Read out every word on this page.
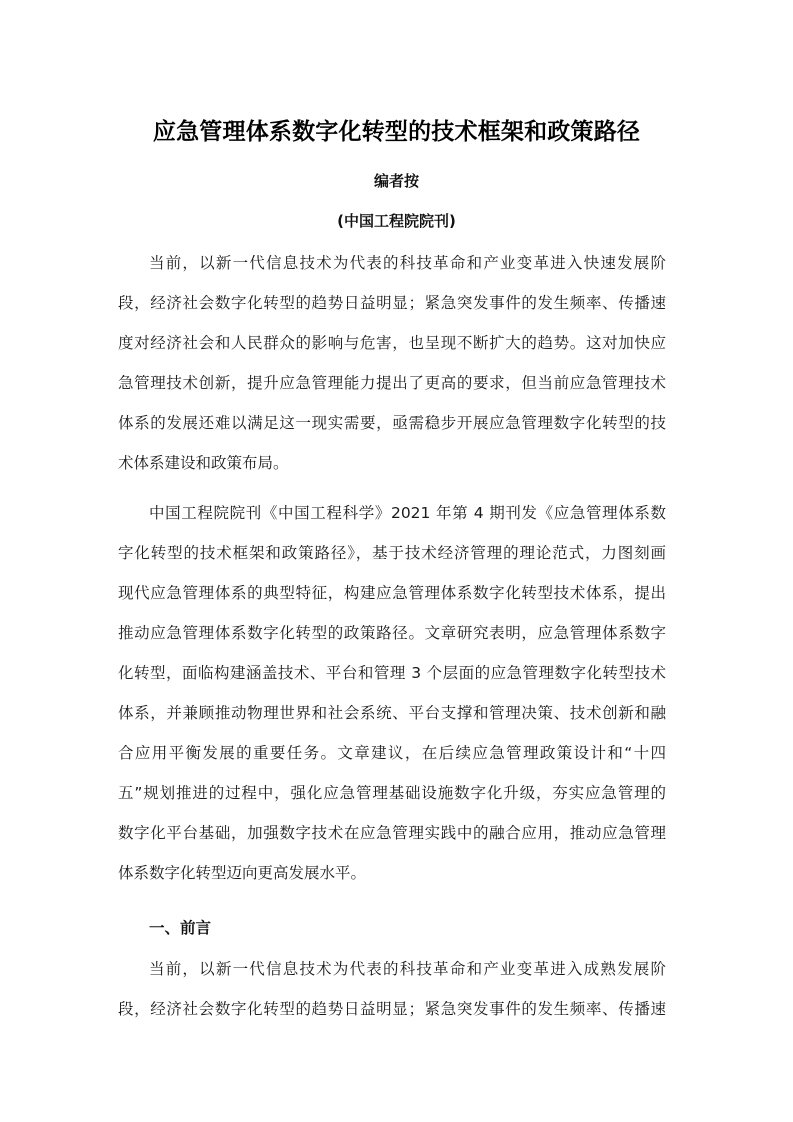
应急管理体系数字化转型的技术框架和政策路径
编者按
(中国工程院院刊)
当前，以新一代信息技术为代表的科技革命和产业变革进入快速发展阶
段，经济社会数字化转型的趋势日益明显；紧急突发事件的发生频率、传播速
度对经济社会和人民群众的影响与危害，也呈现不断扩大的趋势。这对加快应
急管理技术创新，提升应急管理能力提出了更高的要求，但当前应急管理技术
体系的发展还难以满足这一现实需要，亟需稳步开展应急管理数字化转型的技
术体系建设和政策布局。
中国工程院院刊《中国工程科学》2021 年第 4 期刊发《应急管理体系数
字化转型的技术框架和政策路径》，基于技术经济管理的理论范式，力图刻画
现代应急管理体系的典型特征，构建应急管理体系数字化转型技术体系，提出
推动应急管理体系数字化转型的政策路径。文章研究表明，应急管理体系数字
化转型，面临构建涵盖技术、平台和管理 3 个层面的应急管理数字化转型技术
体系，并兼顾推动物理世界和社会系统、平台支撑和管理决策、技术创新和融
合应用平衡发展的重要任务。文章建议，在后续应急管理政策设计和“十四
五”规划推进的过程中，强化应急管理基础设施数字化升级，夯实应急管理的
数字化平台基础，加强数字技术在应急管理实践中的融合应用，推动应急管理
体系数字化转型迈向更高发展水平。
一、前言
当前，以新一代信息技术为代表的科技革命和产业变革进入成熟发展阶
段，经济社会数字化转型的趋势日益明显；紧急突发事件的发生频率、传播速
